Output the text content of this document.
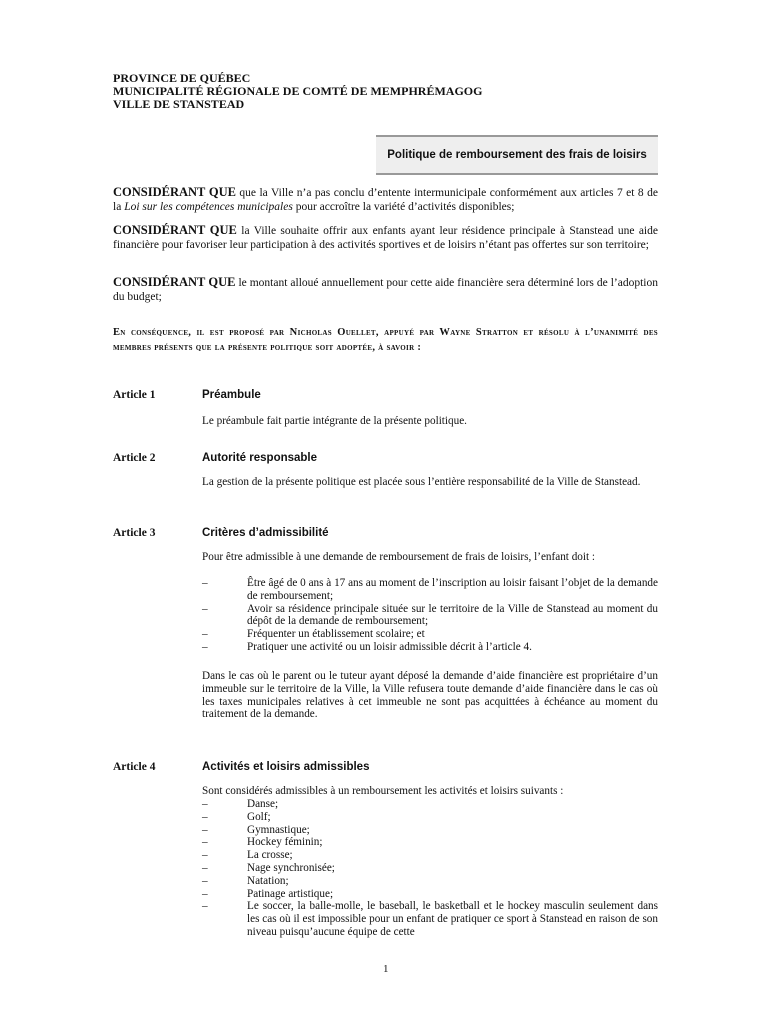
PROVINCE DE QUÉBEC
MUNICIPALITÉ RÉGIONALE DE COMTÉ DE MEMPHRÉMAGOG
VILLE DE STANSTEAD
Politique de remboursement des frais de loisirs
CONSIDÉRANT QUE que la Ville n’a pas conclu d’entente intermunicipale conformément aux articles 7 et 8 de la Loi sur les compétences municipales pour accroître la variété d’activités disponibles;
CONSIDÉRANT QUE la Ville souhaite offrir aux enfants ayant leur résidence principale à Stanstead une aide financière pour favoriser leur participation à des activités sportives et de loisirs n’étant pas offertes sur son territoire;
CONSIDÉRANT QUE le montant alloué annuellement pour cette aide financière sera déterminé lors de l’adoption du budget;
En conséquence, il est proposé par Nicholas Ouellet, appuyé par Wayne Stratton et résolu à l’unanimité des membres présents que la présente politique soit adoptée, à savoir :
Article 1	Préambule
Le préambule fait partie intégrante de la présente politique.
Article 2	Autorité responsable
La gestion de la présente politique est placée sous l’entière responsabilité de la Ville de Stanstead.
Article 3	Critères d’admissibilité
Pour être admissible à une demande de remboursement de frais de loisirs, l’enfant doit :
–	Être âgé de 0 ans à 17 ans au moment de l’inscription au loisir faisant l’objet de la demande de remboursement;
–	Avoir sa résidence principale située sur le territoire de la Ville de Stanstead au moment du dépôt de la demande de remboursement;
–	Fréquenter un établissement scolaire; et
–	Pratiquer une activité ou un loisir admissible décrit à l’article 4.
Dans le cas où le parent ou le tuteur ayant déposé la demande d’aide financière est propriétaire d’un immeuble sur le territoire de la Ville, la Ville refusera toute demande d’aide financière dans le cas où les taxes municipales relatives à cet immeuble ne sont pas acquittées à échéance au moment du traitement de la demande.
Article 4	Activités et loisirs admissibles
Sont considérés admissibles à un remboursement les activités et loisirs suivants :
–	Danse;
–	Golf;
–	Gymnastique;
–	Hockey féminin;
–	La crosse;
–	Nage synchronisée;
–	Natation;
–	Patinage artistique;
–	Le soccer, la balle-molle, le baseball, le basketball et le hockey masculin seulement dans les cas où il est impossible pour un enfant de pratiquer ce sport à Stanstead en raison de son niveau puisqu’aucune équipe de cette
1
